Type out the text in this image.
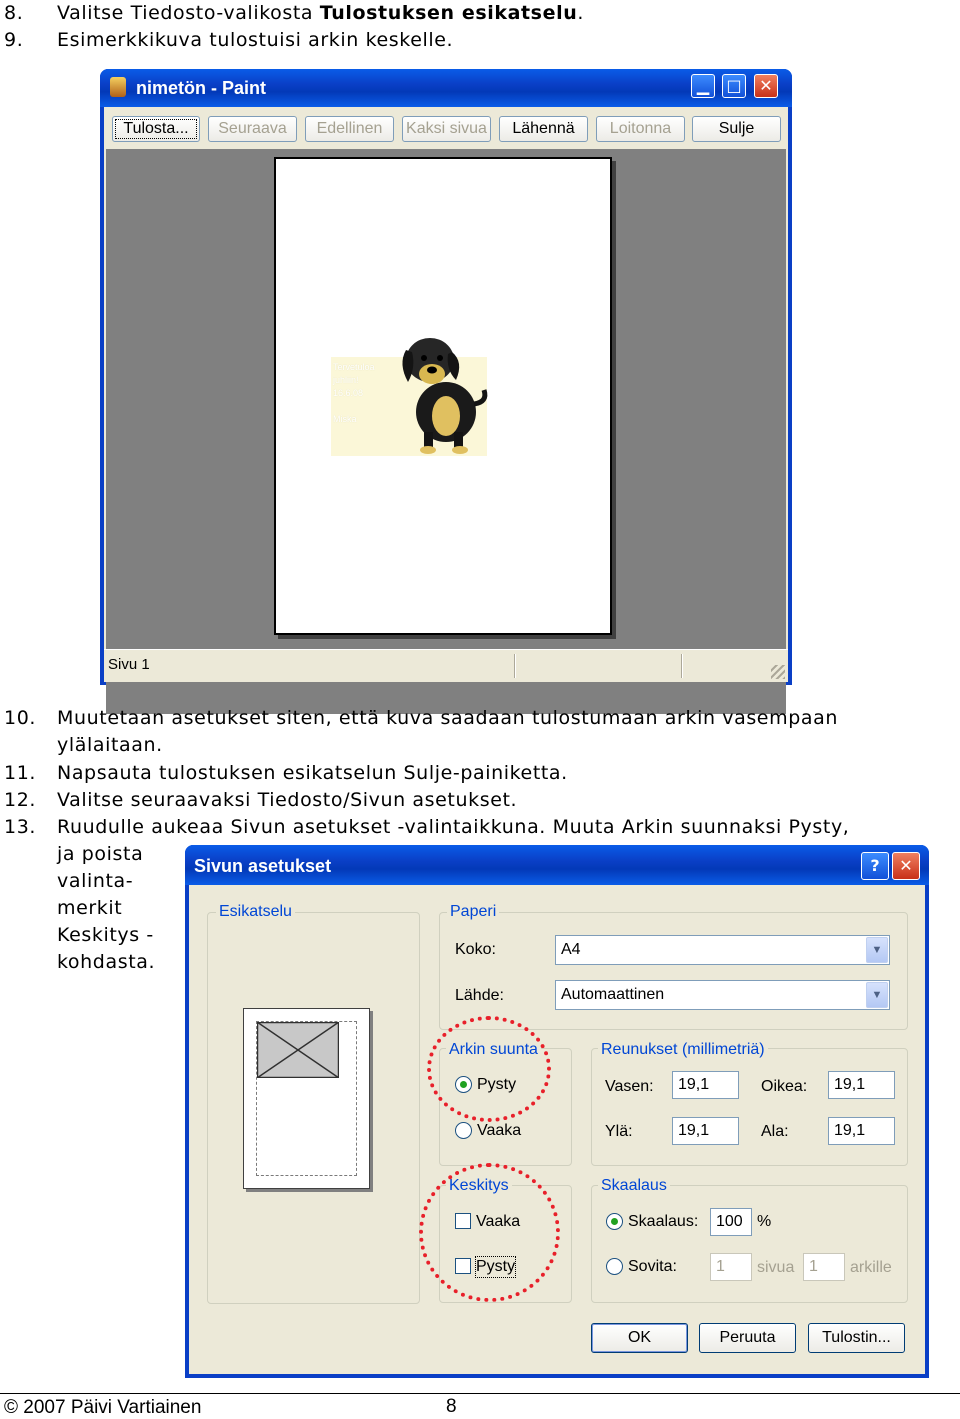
8. Valitse Tiedosto-valikosta Tulostuksen esikatselu.
9. Esimerkkikuva tulostuisi arkin keskelle.
nimetön - Paint	▁	□	✕
Tulosta...	Seuraava	Edellinen	Kaksi sivua	Lähennä	Loitonna	Sulje
Tervetuloa
juhliin!
16.6.08
Miska
Sivu 1
10. Muutetaan asetukset siten, että kuva saadaan tulostumaan arkin vasempaan
ylälaitaan.
11. Napsauta tulostuksen esikatselun Sulje-painiketta.
12. Valitse seuraavaksi Tiedosto/Sivun asetukset.
13. Ruudulle aukeaa Sivun asetukset -valintaikkuna. Muuta Arkin suunnaksi Pysty,
ja poista
valinta-
merkit
Keskitys -
kohdasta.
Sivun asetukset	?	✕
Esikatselu	Paperi
Koko:	A4	▼
Lähde:	Automaattinen	▼
Arkin suunta
Pysty
Vaaka
Reunukset (millimetriä)
Vasen:	19,1	Oikea:	19,1
Ylä:	19,1	Ala:	19,1
Keskitys
Vaaka
Pysty
Skaalaus
Skaalaus:	100 %
Sovita:	1	sivua 1	arkille
OK	Peruuta	Tulostin...
© 2007 Päivi Vartiainen	8
